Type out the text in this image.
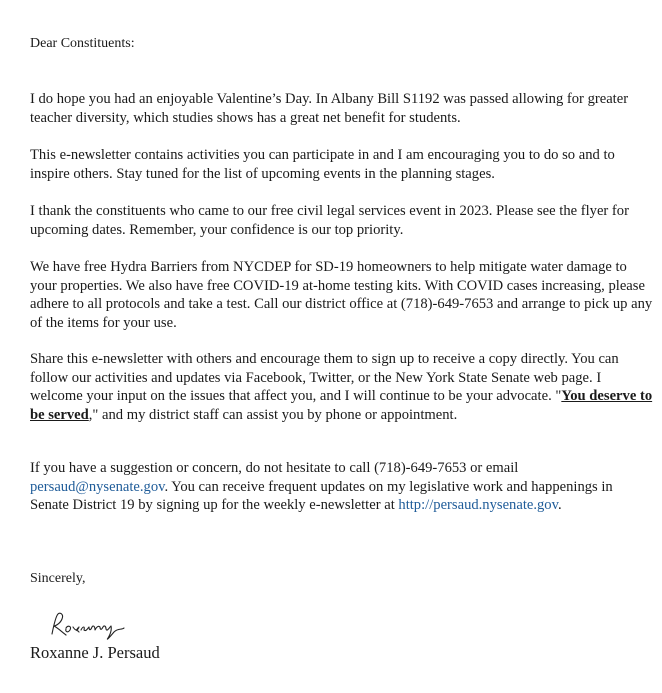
Dear Constituents:

I do hope you had an enjoyable Valentine’s Day. In Albany Bill S1192 was passed allowing for greater teacher diversity, which studies shows has a great net benefit for students.

This e-newsletter contains activities you can participate in and I am encouraging you to do so and to inspire others. Stay tuned for the list of upcoming events in the planning stages.

I thank the constituents who came to our free civil legal services event in 2023. Please see the flyer for upcoming dates. Remember, your confidence is our top priority.

We have free Hydra Barriers from NYCDEP for SD-19 homeowners to help mitigate water damage to your properties. We also have free COVID-19 at-home testing kits. With COVID cases increasing, please adhere to all protocols and take a test. Call our district office at (718)-649-7653 and arrange to pick up any of the items for your use.

Share this e-newsletter with others and encourage them to sign up to receive a copy directly. You can follow our activities and updates via Facebook, Twitter, or the New York State Senate web page. I welcome your input on the issues that affect you, and I will continue to be your advocate. "You deserve to be served," and my district staff can assist you by phone or appointment.

If you have a suggestion or concern, do not hesitate to call (718)-649-7653 or email persaud@nysenate.gov. You can receive frequent updates on my legislative work and happenings in Senate District 19 by signing up for the weekly e-newsletter at http://persaud.nysenate.gov.

Sincerely,
Roxanne J. Persaud
